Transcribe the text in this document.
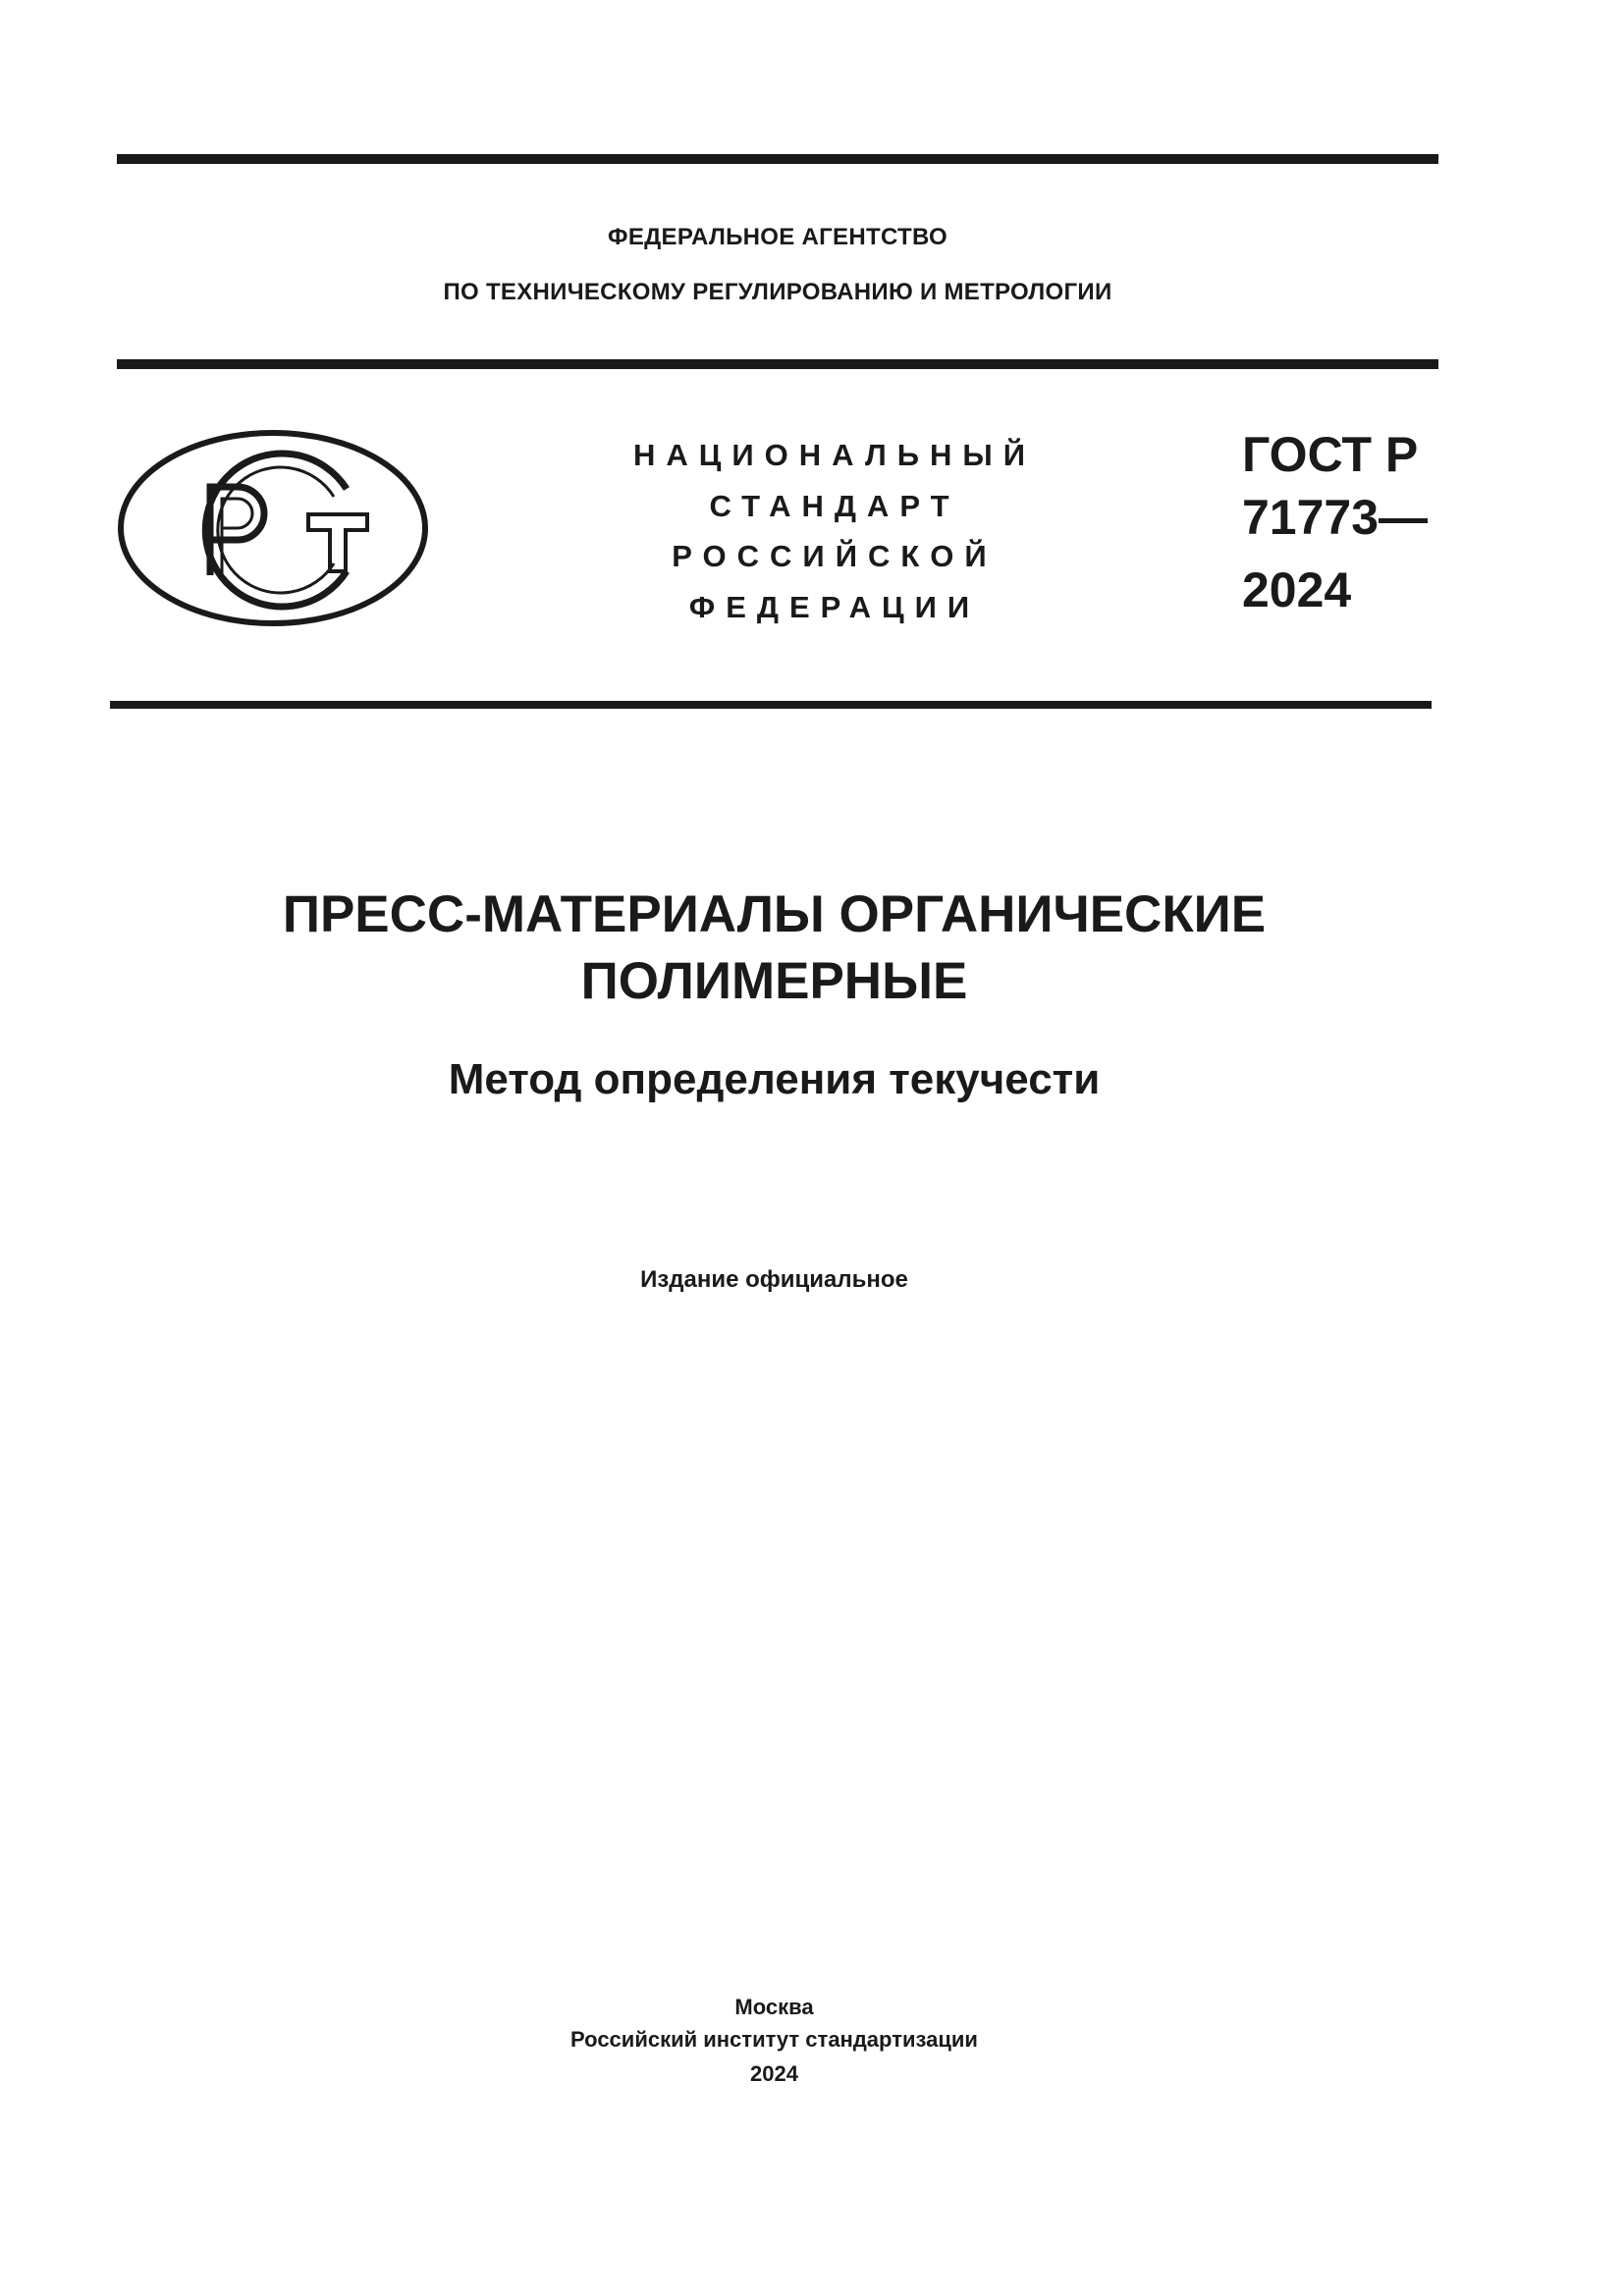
ФЕДЕРАЛЬНОЕ АГЕНТСТВО
ПО ТЕХНИЧЕСКОМУ РЕГУЛИРОВАНИЮ И МЕТРОЛОГИИ
НАЦИОНАЛЬНЫЙ
СТАНДАРТ
РОССИЙСКОЙ
ФЕДЕРАЦИИ
ГОСТ Р
71773—
2024
ПРЕСС-МАТЕРИАЛЫ ОРГАНИЧЕСКИЕ
ПОЛИМЕРНЫЕ
Метод определения текучести
Издание официальное
Москва
Российский институт стандартизации
2024
